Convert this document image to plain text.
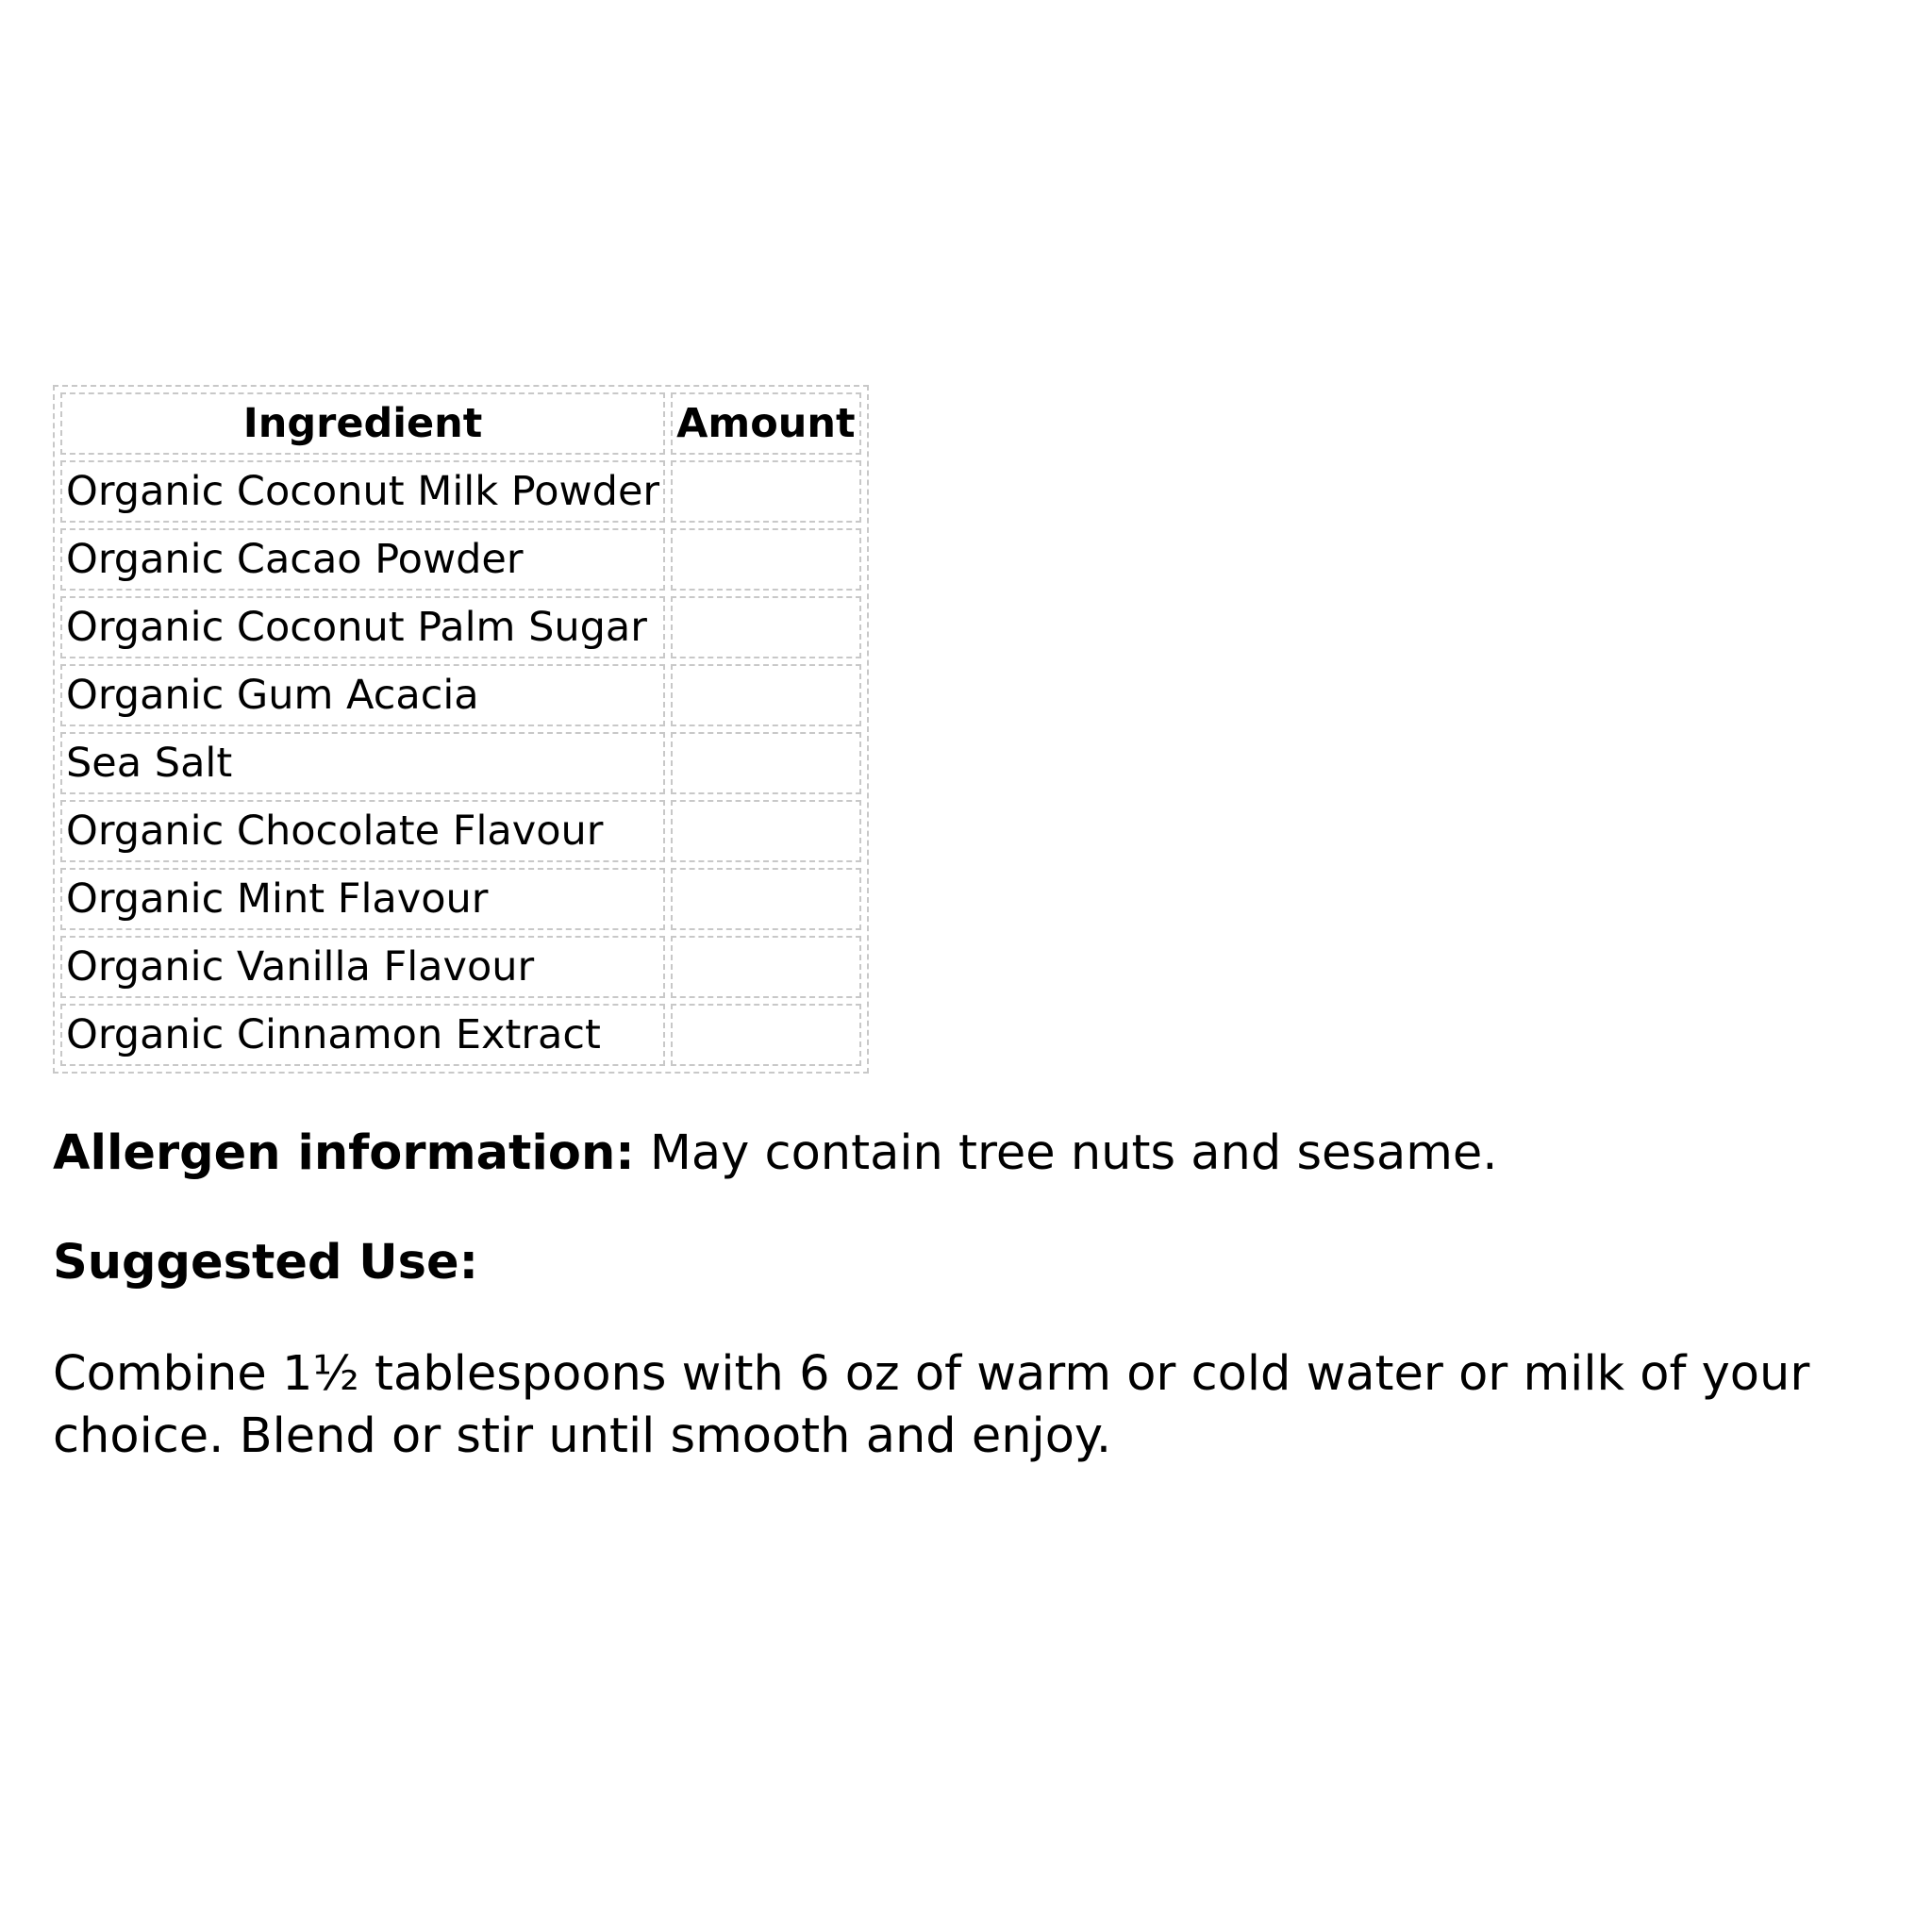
Ingredient	Amount
Organic Coconut Milk Powder	
Organic Cacao Powder	
Organic Coconut Palm Sugar	
Organic Gum Acacia	
Sea Salt	
Organic Chocolate Flavour	
Organic Mint Flavour	
Organic Vanilla Flavour	
Organic Cinnamon Extract	

Allergen information: May contain tree nuts and sesame.

Suggested Use:

Combine 1½ tablespoons with 6 oz of warm or cold water or milk of your choice. Blend or stir until smooth and enjoy.
